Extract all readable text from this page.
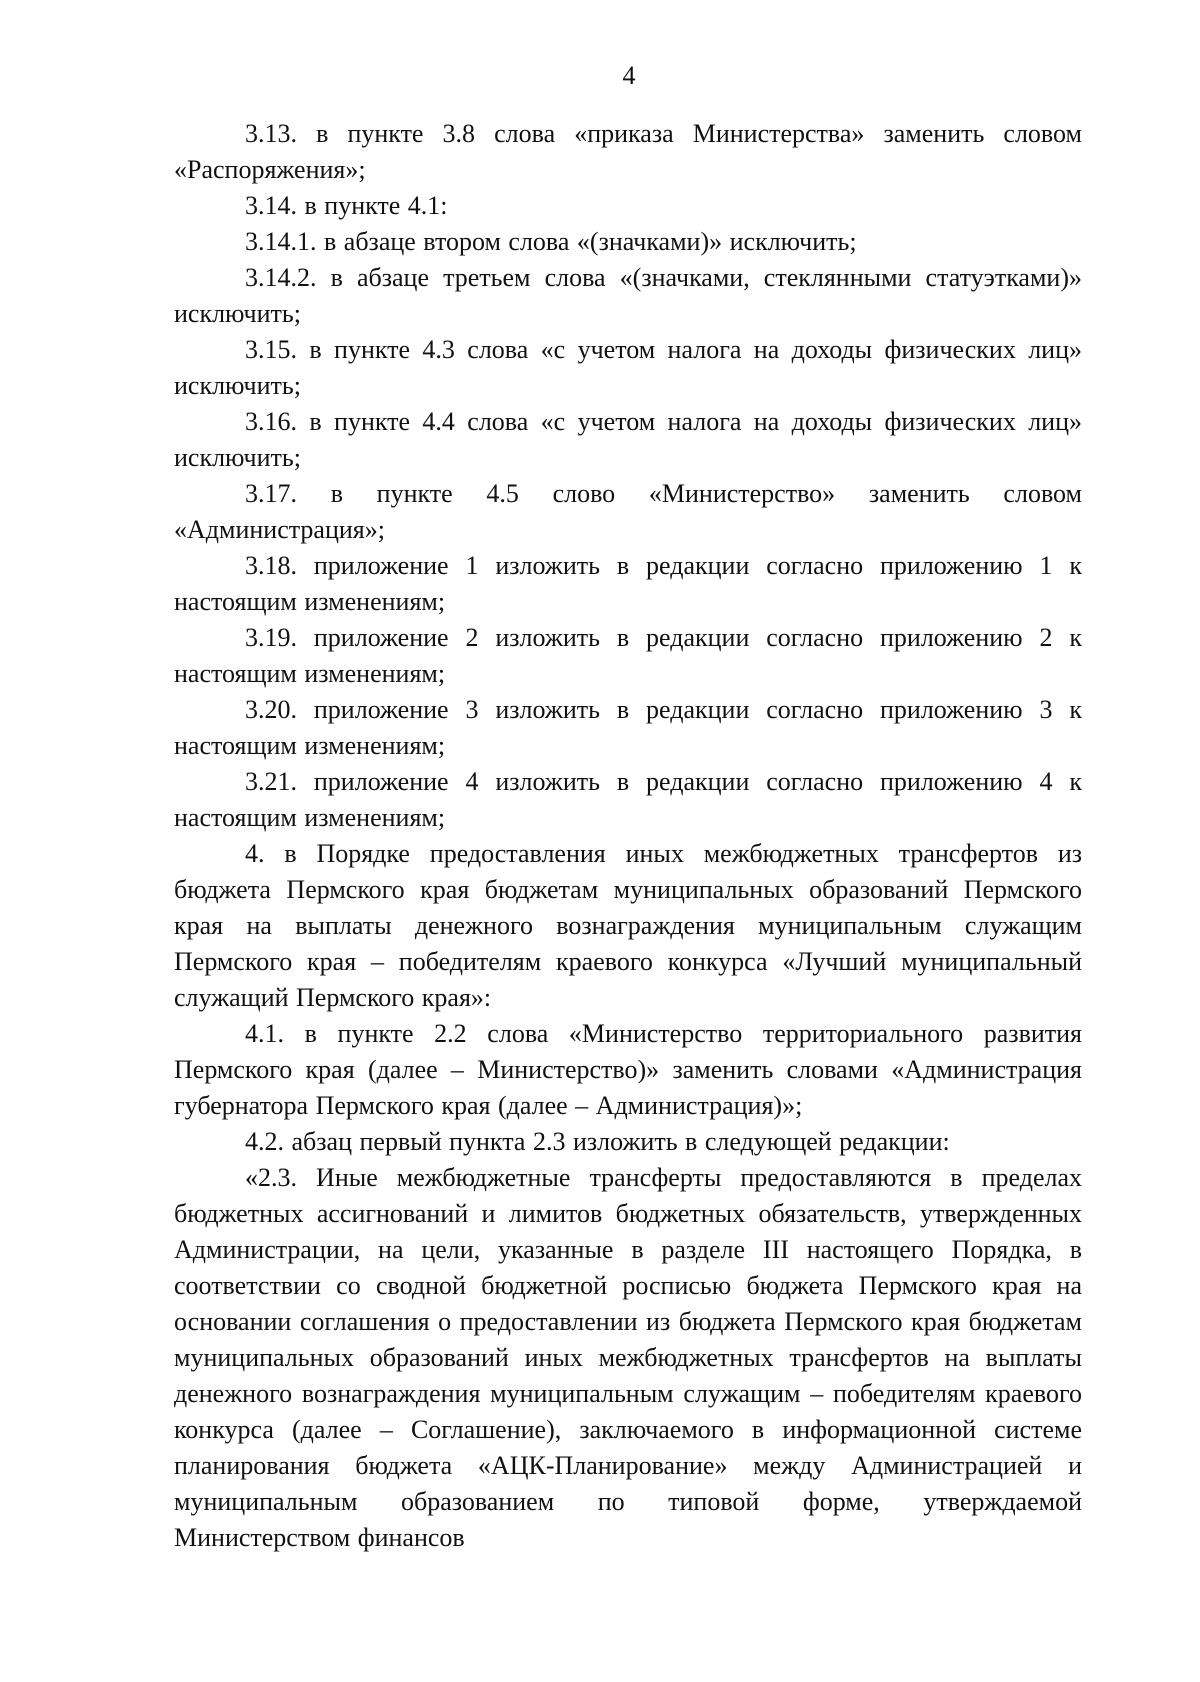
4

3.13. в пункте 3.8 слова «приказа Министерства» заменить словом «Распоряжения»;

3.14. в пункте 4.1:

3.14.1. в абзаце втором слова «(значками)» исключить;

3.14.2. в абзаце третьем слова «(значками, стеклянными статуэтками)» исключить;

3.15. в пункте 4.3 слова «с учетом налога на доходы физических лиц» исключить;

3.16. в пункте 4.4 слова «с учетом налога на доходы физических лиц» исключить;

3.17. в пункте 4.5 слово «Министерство» заменить словом «Администрация»;

3.18. приложение 1 изложить в редакции согласно приложению 1 к настоящим изменениям;

3.19. приложение 2 изложить в редакции согласно приложению 2 к настоящим изменениям;

3.20. приложение 3 изложить в редакции согласно приложению 3 к настоящим изменениям;

3.21. приложение 4 изложить в редакции согласно приложению 4 к настоящим изменениям;

4. в Порядке предоставления иных межбюджетных трансфертов из бюджета Пермского края бюджетам муниципальных образований Пермского края на выплаты денежного вознаграждения муниципальным служащим Пермского края – победителям краевого конкурса «Лучший муниципальный служащий Пермского края»:

4.1. в пункте 2.2 слова «Министерство территориального развития Пермского края (далее – Министерство)» заменить словами «Администрация губернатора Пермского края (далее – Администрация)»;

4.2. абзац первый пункта 2.3 изложить в следующей редакции:

«2.3. Иные межбюджетные трансферты предоставляются в пределах бюджетных ассигнований и лимитов бюджетных обязательств, утвержденных Администрации, на цели, указанные в разделе III настоящего Порядка, в соответствии со сводной бюджетной росписью бюджета Пермского края на основании соглашения о предоставлении из бюджета Пермского края бюджетам муниципальных образований иных межбюджетных трансфертов на выплаты денежного вознаграждения муниципальным служащим – победителям краевого конкурса (далее – Соглашение), заключаемого в информационной системе планирования бюджета «АЦК-Планирование» между Администрацией и муниципальным образованием по типовой форме, утверждаемой Министерством финансов
